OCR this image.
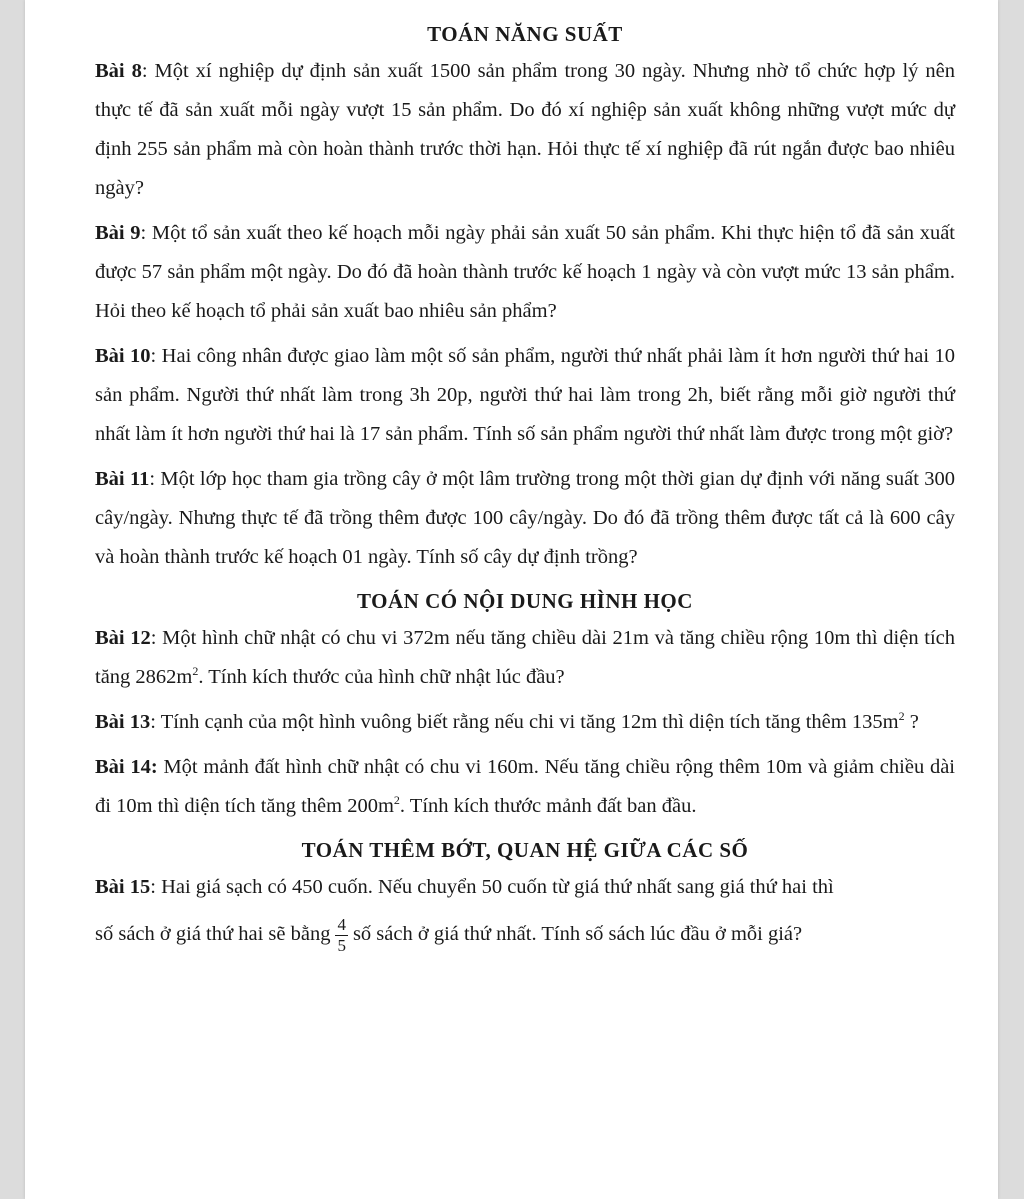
TOÁN NĂNG SUẤT

Bài 8: Một xí nghiệp dự định sản xuất 1500 sản phẩm trong 30 ngày. Nhưng nhờ tổ chức hợp lý nên thực tế đã sản xuất mỗi ngày vượt 15 sản phẩm. Do đó xí nghiệp sản xuất không những vượt mức dự định 255 sản phẩm mà còn hoàn thành trước thời hạn. Hỏi thực tế xí nghiệp đã rút ngắn được bao nhiêu ngày?

Bài 9: Một tổ sản xuất theo kế hoạch mỗi ngày phải sản xuất 50 sản phẩm. Khi thực hiện tổ đã sản xuất được 57 sản phẩm một ngày. Do đó đã hoàn thành trước kế hoạch 1 ngày và còn vượt mức 13 sản phẩm. Hỏi theo kế hoạch tổ phải sản xuất bao nhiêu sản phẩm?

Bài 10: Hai công nhân được giao làm một số sản phẩm, người thứ nhất phải làm ít hơn người thứ hai 10 sản phẩm. Người thứ nhất làm trong 3h 20p, người thứ hai làm trong 2h, biết rằng mỗi giờ người thứ nhất làm ít hơn người thứ hai là 17 sản phẩm. Tính số sản phẩm người thứ nhất làm được trong một giờ?

Bài 11: Một lớp học tham gia trồng cây ở một lâm trường trong một thời gian dự định với năng suất 300 cây/ngày. Nhưng thực tế đã trồng thêm được 100 cây/ngày. Do đó đã trồng thêm được tất cả là 600 cây và hoàn thành trước kế hoạch 01 ngày. Tính số cây dự định trồng?

TOÁN CÓ NỘI DUNG HÌNH HỌC

Bài 12: Một hình chữ nhật có chu vi 372m nếu tăng chiều dài 21m và tăng chiều rộng 10m thì diện tích tăng $2862m^2$. Tính kích thước của hình chữ nhật lúc đầu?

Bài 13: Tính cạnh của một hình vuông biết rằng nếu chi vi tăng 12m thì diện tích tăng thêm $135m^2$ ?

Bài 14: Một mảnh đất hình chữ nhật có chu vi 160m. Nếu tăng chiều rộng thêm 10m và giảm chiều dài đi 10m thì diện tích tăng thêm $200m^2$. Tính kích thước mảnh đất ban đầu.

TOÁN THÊM BỚT, QUAN HỆ GIỮA CÁC SỐ

Bài 15: Hai giá sạch có 450 cuốn. Nếu chuyển 50 cuốn từ giá thứ nhất sang giá thứ hai thì
số sách ở giá thứ hai sẽ bằng $\frac{4}{5}$ số sách ở giá thứ nhất. Tính số sách lúc đầu ở mỗi giá?
